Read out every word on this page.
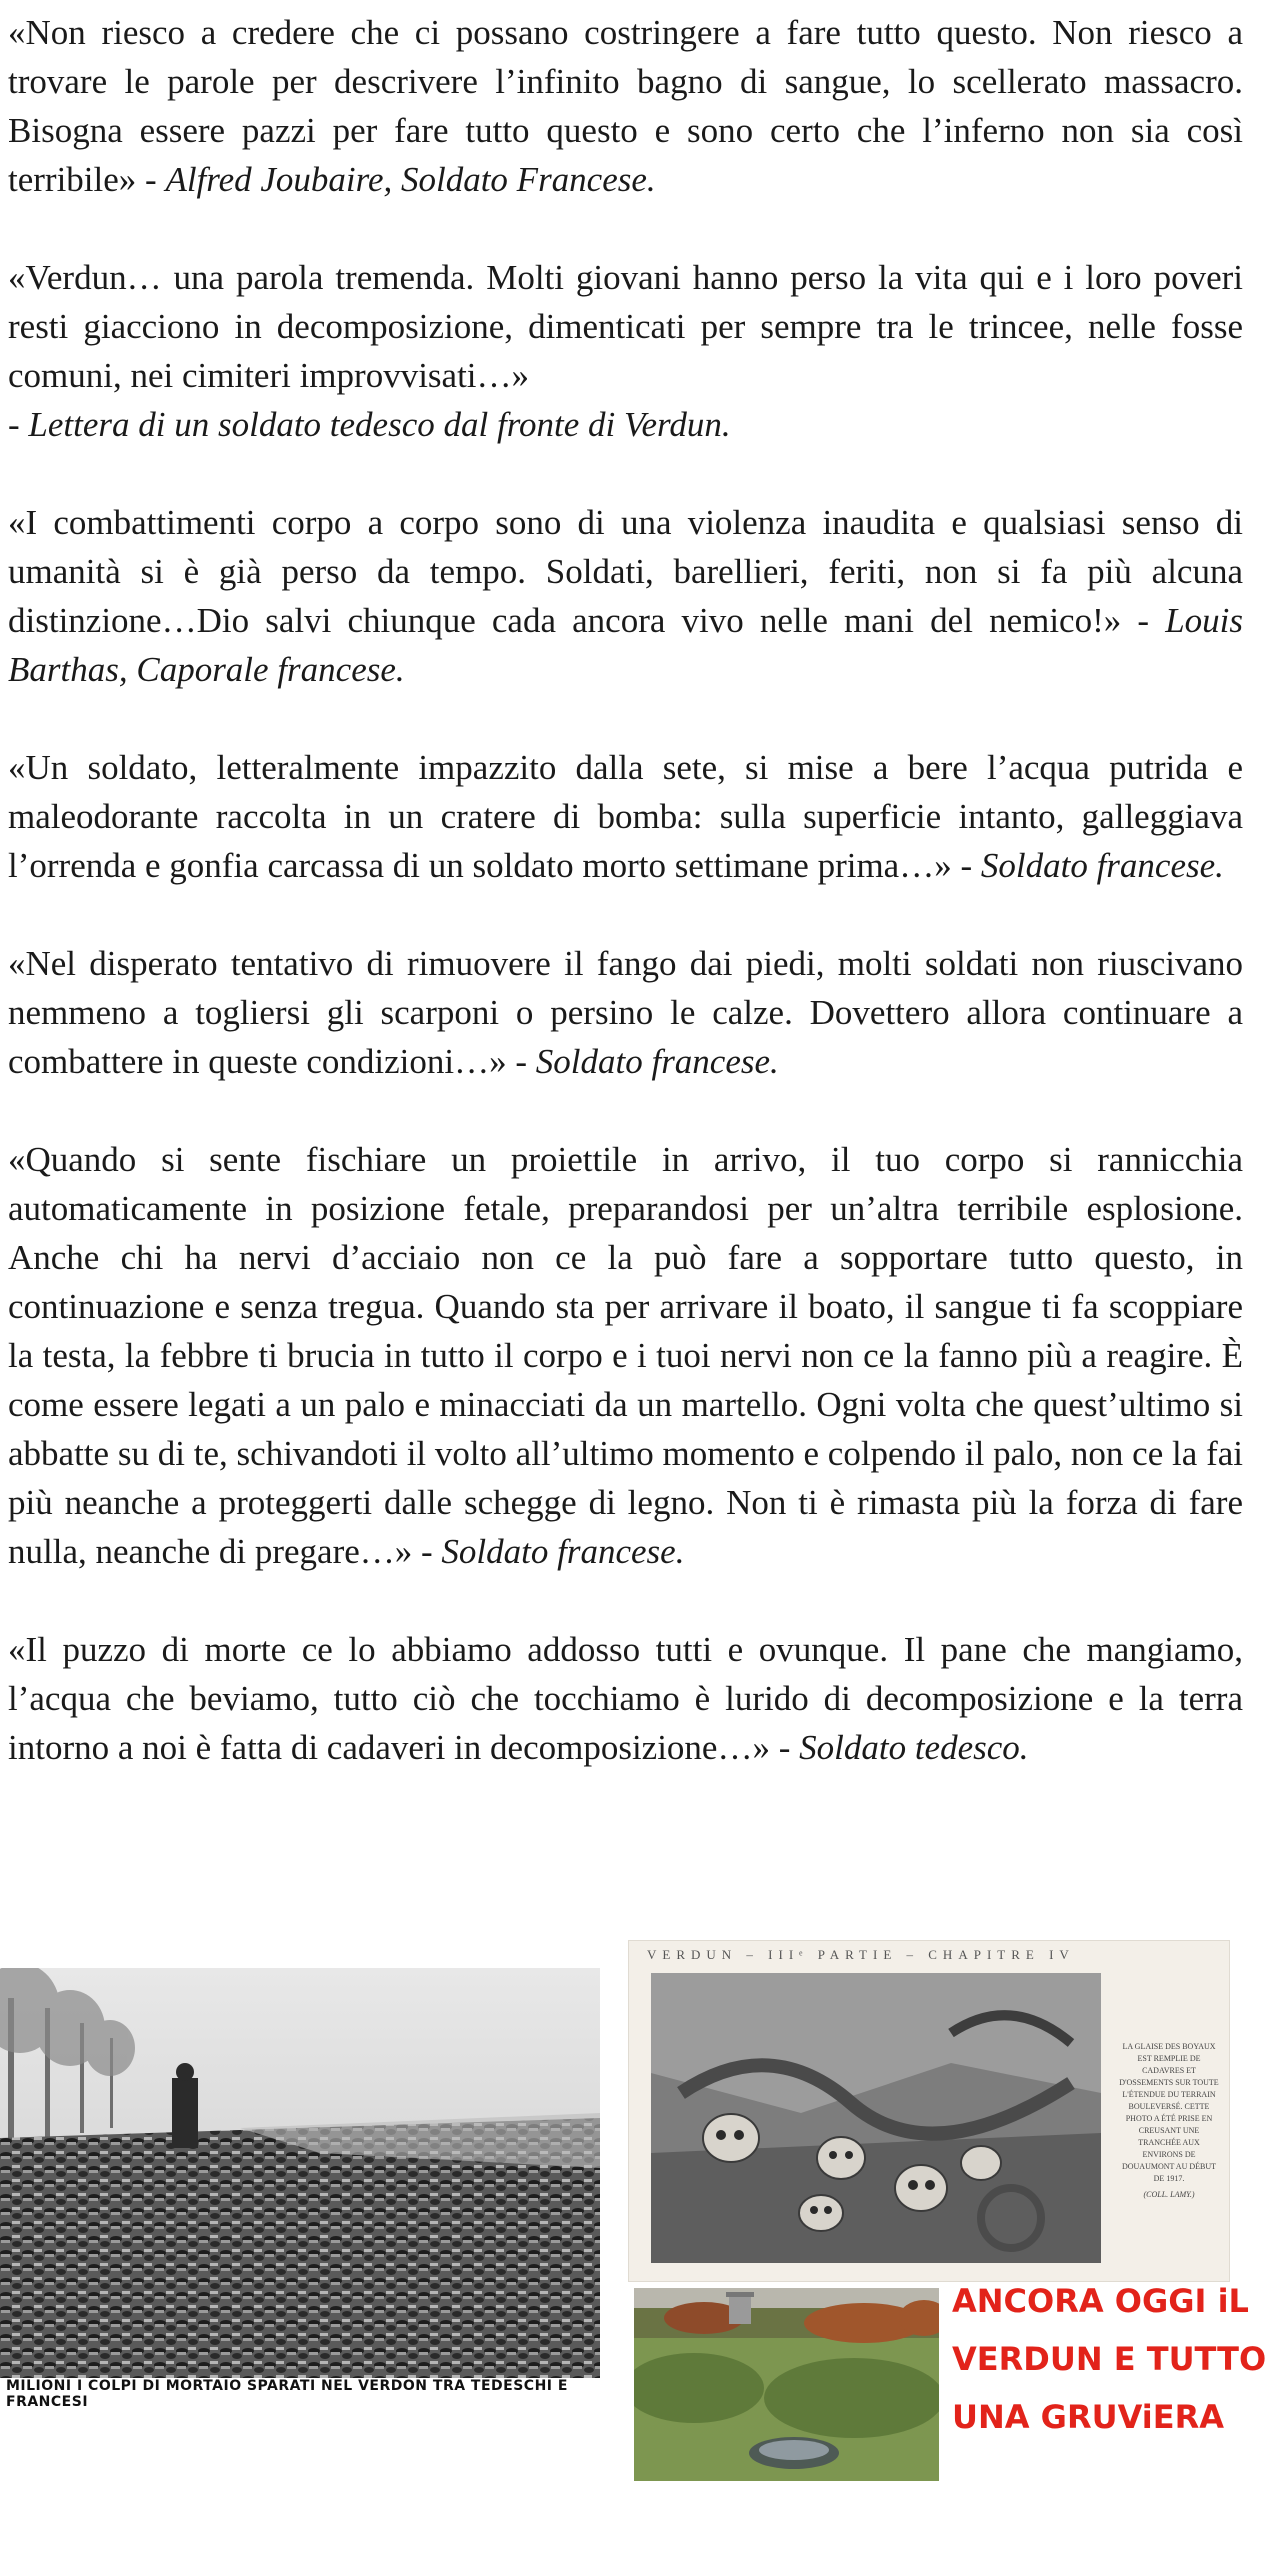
«Non riesco a credere che ci possano costringere a fare tutto questo. Non riesco a trovare le parole per descrivere l’infinito bagno di sangue, lo scellerato massacro. Bisogna essere pazzi per fare tutto questo e sono certo che l’inferno non sia così terribile» - Alfred Joubaire, Soldato Francese.

«Verdun… una parola tremenda. Molti giovani hanno perso la vita qui e i loro poveri resti giacciono in decomposizione, dimenticati per sempre tra le trincee, nelle fosse comuni, nei cimiteri improvvisati…»
- Lettera di un soldato tedesco dal fronte di Verdun.

«I combattimenti corpo a corpo sono di una violenza inaudita e qualsiasi senso di umanità si è già perso da tempo. Soldati, barellieri, feriti, non si fa più alcuna distinzione…Dio salvi chiunque cada ancora vivo nelle mani del nemico!» - Louis Barthas, Caporale francese.

«Un soldato, letteralmente impazzito dalla sete, si mise a bere l’acqua putrida e maleodorante raccolta in un cratere di bomba: sulla superficie intanto, galleggiava l’orrenda e gonfia carcassa di un soldato morto settimane prima…» - Soldato francese.

«Nel disperato tentativo di rimuovere il fango dai piedi, molti soldati non riuscivano nemmeno a togliersi gli scarponi o persino le calze. Dovettero allora continuare a combattere in queste condizioni…» - Soldato francese.

«Quando si sente fischiare un proiettile in arrivo, il tuo corpo si rannicchia automaticamente in posizione fetale, preparandosi per un’altra terribile esplosione. Anche chi ha nervi d’acciaio non ce la può fare a sopportare tutto questo, in continuazione e senza tregua. Quando sta per arrivare il boato, il sangue ti fa scoppiare la testa, la febbre ti brucia in tutto il corpo e i tuoi nervi non ce la fanno più a reagire. È come essere legati a un palo e minacciati da un martello. Ogni volta che quest’ultimo si abbatte su di te, schivandoti il volto all’ultimo momento e colpendo il palo, non ce la fai più neanche a proteggerti dalle schegge di legno. Non ti è rimasta più la forza di fare nulla, neanche di pregare…» - Soldato francese.

«Il puzzo di morte ce lo abbiamo addosso tutti e ovunque. Il pane che mangiamo, l’acqua che beviamo, tutto ciò che tocchiamo è lurido di decomposizione e la terra intorno a noi è fatta di cadaveri in decomposizione…» - Soldato tedesco.

MILIONI I COLPI DI MORTAIO SPARATI NEL VERDON TRA TEDESCHI E FRANCESI
VERDUN – IIIᵉ PARTIE – CHAPITRE IV
LA GLAISE DES BOYAUX EST REMPLIE DE CADAVRES ET D'OSSEMENTS SUR TOUTE L'ÉTENDUE DU TERRAIN BOULEVERSÉ. CETTE PHOTO A ÉTÉ PRISE EN CREUSANT UNE TRANCHÉE AUX ENVIRONS DE DOUAUMONT AU DÉBUT DE 1917.
(COLL. LAMY.)
ANCORA OGGI iL
VERDUN E TUTTO
UNA GRUViERA
